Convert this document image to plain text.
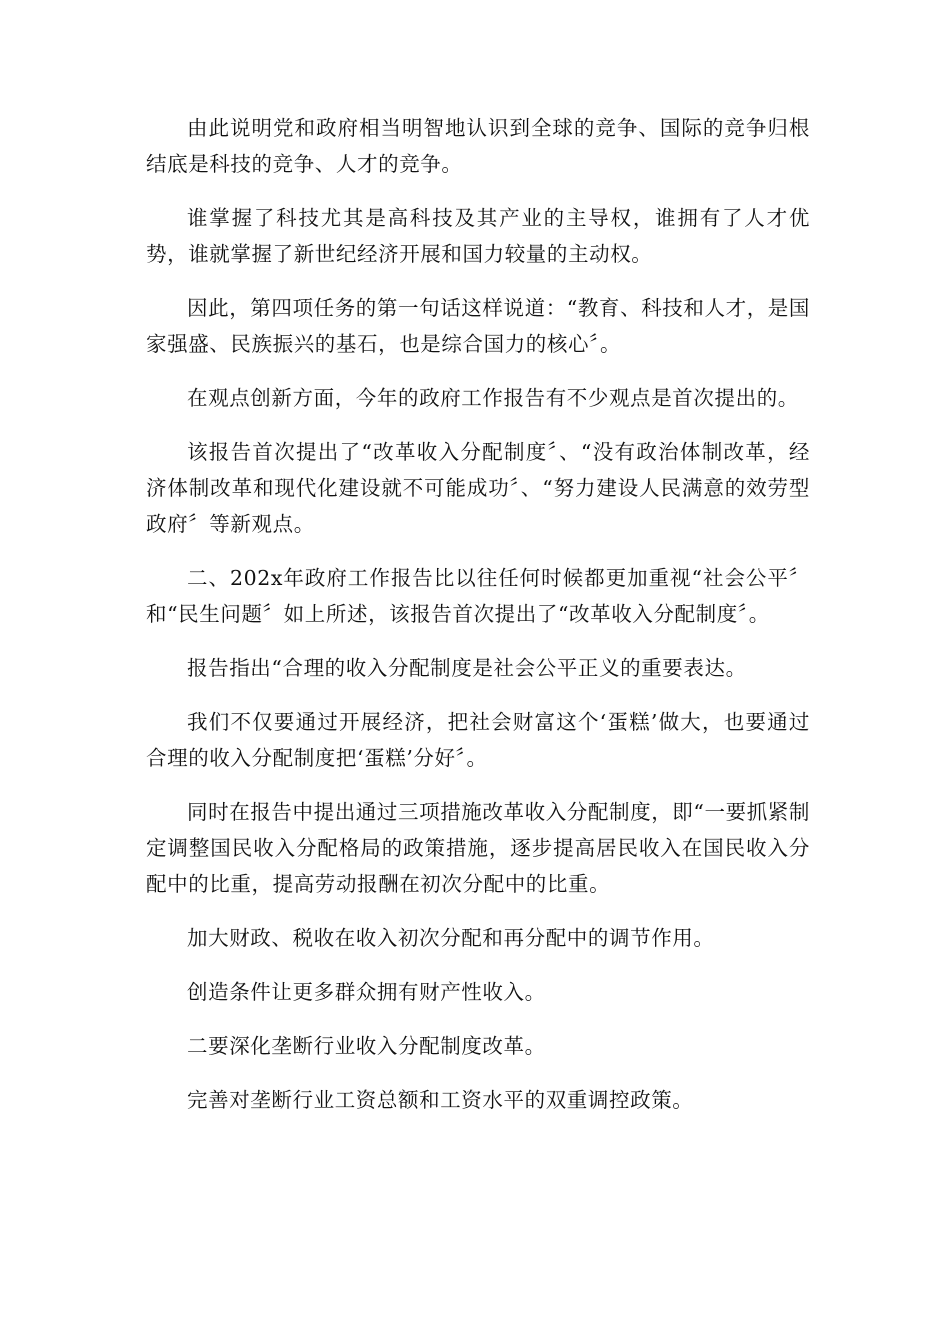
由此说明党和政府相当明智地认识到全球的竞争、国际的竞争归根结底是科技的竞争、人才的竞争。

谁掌握了科技尤其是高科技及其产业的主导权，谁拥有了人才优势，谁就掌握了新世纪经济开展和国力较量的主动权。

因此，第四项任务的第一句话这样说道：“教育、科技和人才，是国家强盛、民族振兴的基石，也是综合国力的核心〞。

在观点创新方面，今年的政府工作报告有不少观点是首次提出的。

该报告首次提出了“改革收入分配制度〞、“没有政治体制改革，经济体制改革和现代化建设就不可能成功〞、“努力建设人民满意的效劳型政府〞等新观点。

二、202x年政府工作报告比以往任何时候都更加重视“社会公平〞和“民生问题〞如上所述，该报告首次提出了“改革收入分配制度〞。

报告指出“合理的收入分配制度是社会公平正义的重要表达。

我们不仅要通过开展经济，把社会财富这个‘蛋糕’做大，也要通过合理的收入分配制度把‘蛋糕’分好〞。

同时在报告中提出通过三项措施改革收入分配制度，即“一要抓紧制定调整国民收入分配格局的政策措施，逐步提高居民收入在国民收入分配中的比重，提高劳动报酬在初次分配中的比重。

加大财政、税收在收入初次分配和再分配中的调节作用。

创造条件让更多群众拥有财产性收入。

二要深化垄断行业收入分配制度改革。

完善对垄断行业工资总额和工资水平的双重调控政策。
